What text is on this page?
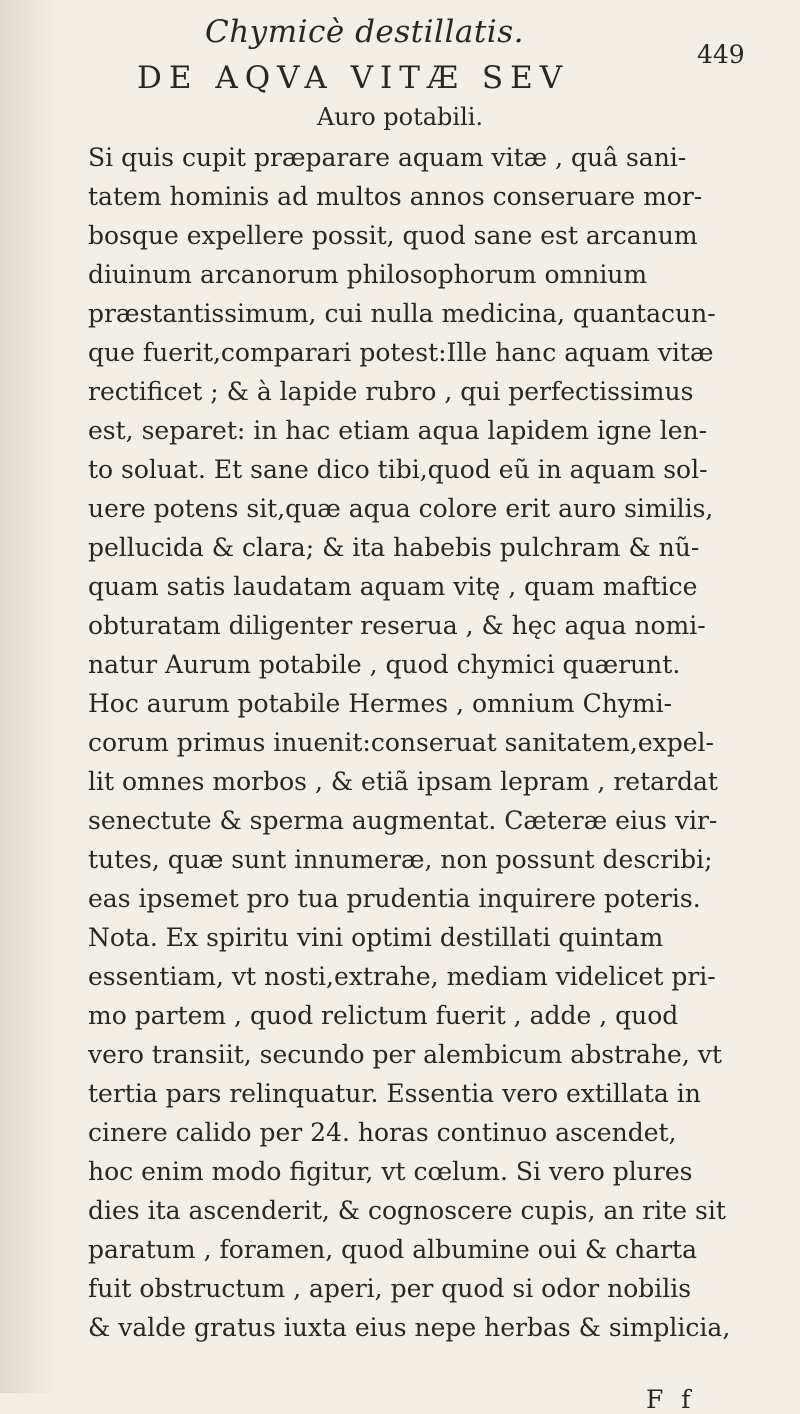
Chymicè destillatis.
449
DE AQVA VITÆ SEV
Auro potabili.
Si quis cupit præparare aquam vitæ , quâ sani-
tatem hominis ad multos annos conseruare mor-
bosque expellere possit, quod sane est arcanum
diuinum arcanorum philosophorum omnium
præstantissimum, cui nulla medicina, quantacun-
que fuerit,comparari potest:Ille hanc aquam vitæ
rectificet ; & à lapide rubro , qui perfectissimus
est, separet: in hac etiam aqua lapidem igne len-
to soluat. Et sane dico tibi,quod eũ in aquam sol-
uere potens sit,quæ aqua colore erit auro similis,
pellucida & clara; & ita habebis pulchram & nũ-
quam satis laudatam aquam vitę , quam maftice
obturatam diligenter reserua , & hęc aqua nomi-
natur Aurum potabile , quod chymici quærunt.
Hoc aurum potabile Hermes , omnium Chymi-
corum primus inuenit:conseruat sanitatem,expel-
lit omnes morbos , & etiã ipsam lepram , retardat
senectute & sperma augmentat. Cæteræ eius vir-
tutes, quæ sunt innumeræ, non possunt describi;
eas ipsemet pro tua prudentia inquirere poteris.
Nota. Ex spiritu vini optimi destillati quintam
essentiam, vt nosti,extrahe, mediam videlicet pri-
mo partem , quod relictum fuerit , adde , quod
vero transiit, secundo per alembicum abstrahe, vt
tertia pars relinquatur. Essentia vero extillata in
cinere calido per 24. horas continuo ascendet,
hoc enim modo figitur, vt cœlum. Si vero plures
dies ita ascenderit, & cognoscere cupis, an rite sit
paratum , foramen, quod albumine oui & charta
fuit obstructum , aperi, per quod si odor nobilis
& valde gratus iuxta eius nepe herbas & simplicia,
F f
